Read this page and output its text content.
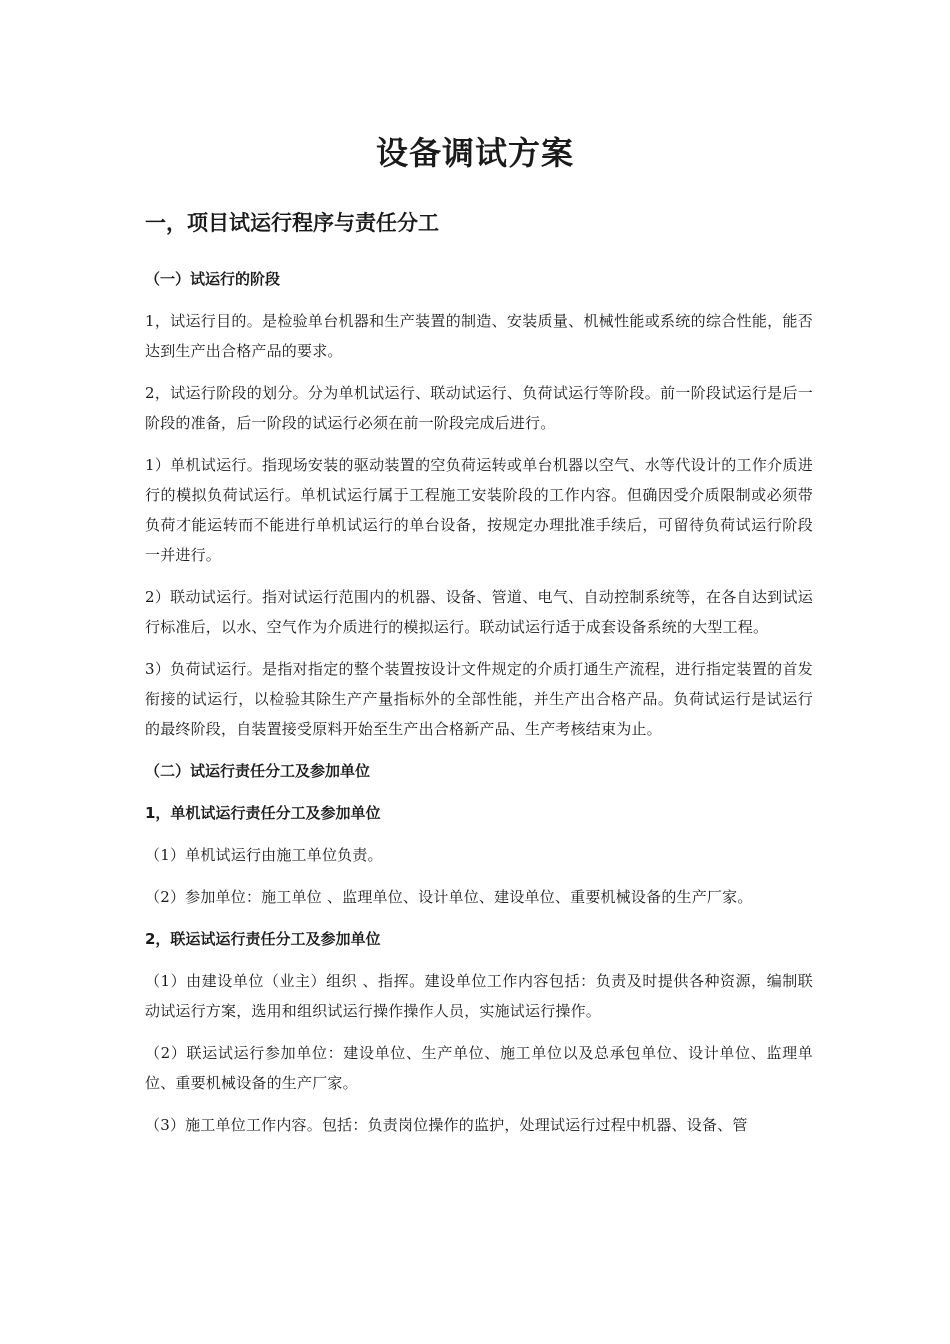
设备调试方案
一，项目试运行程序与责任分工
（一）试运行的阶段
1，试运行目的。是检验单台机器和生产装置的制造、安装质量、机械性能或系统的综合性能，能否达到生产出合格产品的要求。
2，试运行阶段的划分。分为单机试运行、联动试运行、负荷试运行等阶段。前一阶段试运行是后一阶段的准备，后一阶段的试运行必须在前一阶段完成后进行。
1）单机试运行。指现场安装的驱动装置的空负荷运转或单台机器以空气、水等代设计的工作介质进行的模拟负荷试运行。单机试运行属于工程施工安装阶段的工作内容。但确因受介质限制或必须带负荷才能运转而不能进行单机试运行的单台设备，按规定办理批准手续后，可留待负荷试运行阶段一并进行。
2）联动试运行。指对试运行范围内的机器、设备、管道、电气、自动控制系统等，在各自达到试运行标准后，以水、空气作为介质进行的模拟运行。联动试运行适于成套设备系统的大型工程。
3）负荷试运行。是指对指定的整个装置按设计文件规定的介质打通生产流程，进行指定装置的首发衔接的试运行，以检验其除生产产量指标外的全部性能，并生产出合格产品。负荷试运行是试运行的最终阶段，自装置接受原料开始至生产出合格新产品、生产考核结束为止。
（二）试运行责任分工及参加单位
1，单机试运行责任分工及参加单位
（1）单机试运行由施工单位负责。
（2）参加单位：施工单位 、监理单位、设计单位、建设单位、重要机械设备的生产厂家。
2，联运试运行责任分工及参加单位
（1）由建设单位（业主）组织 、指挥。建设单位工作内容包括：负责及时提供各种资源，编制联动试运行方案，选用和组织试运行操作操作人员，实施试运行操作。
（2）联运试运行参加单位：建设单位、生产单位、施工单位以及总承包单位、设计单位、监理单位、重要机械设备的生产厂家。
（3）施工单位工作内容。包括：负责岗位操作的监护，处理试运行过程中机器、设备、管
